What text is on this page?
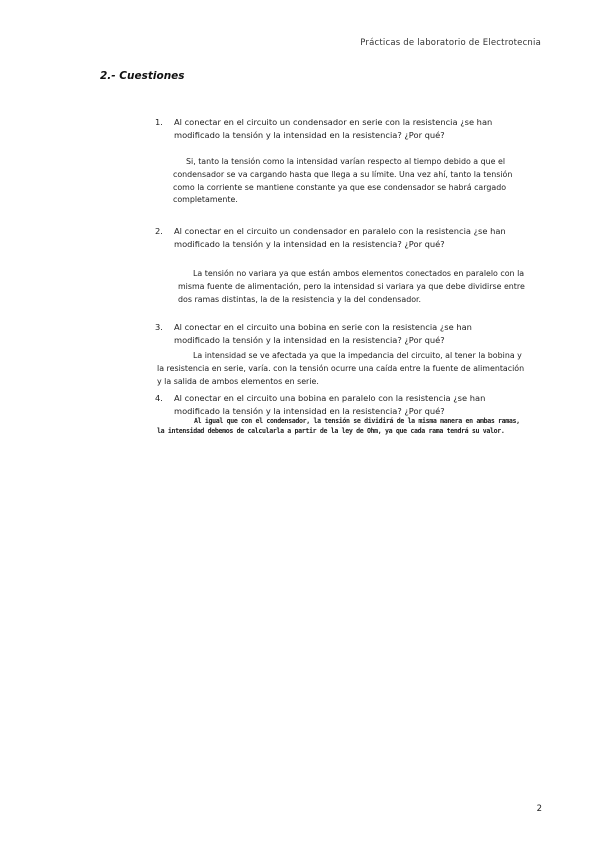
Prácticas de laboratorio de Electrotecnia
2.- Cuestiones
1.	Al conectar en el circuito un condensador en serie con la resistencia ¿se han modificado la tensión y la intensidad en la resistencia? ¿Por qué?
Si, tanto la tensión como la intensidad varían respecto al tiempo debido a que el condensador se va cargando hasta que llega a su límite. Una vez ahí, tanto la tensión como la corriente se mantiene constante ya que ese condensador se habrá cargado completamente.
2.	Al conectar en el circuito un condensador en paralelo con la resistencia ¿se han modificado la tensión y la intensidad en la resistencia? ¿Por qué?
La tensión no variara ya que están ambos elementos conectados en paralelo con la misma fuente de alimentación, pero la intensidad si variara ya que debe dividirse entre dos ramas distintas, la de la resistencia y la del condensador.
3.	Al conectar en el circuito una bobina en serie con la resistencia ¿se han modificado la tensión y la intensidad en la resistencia? ¿Por qué?
La intensidad se ve afectada ya que la impedancia del circuito, al tener la bobina y la resistencia en serie, varía. con la tensión ocurre una caída entre la fuente de alimentación y la salida de ambos elementos en serie.
4.	Al conectar en el circuito una bobina en paralelo con la resistencia ¿se han modificado la tensión y la intensidad en la resistencia? ¿Por qué?
Al igual que con el condensador, la tensión se dividirá de la misma manera en ambas ramas, la intensidad debemos de calcularla a partir de la ley de Ohm, ya que cada rama tendrá su valor.
2
